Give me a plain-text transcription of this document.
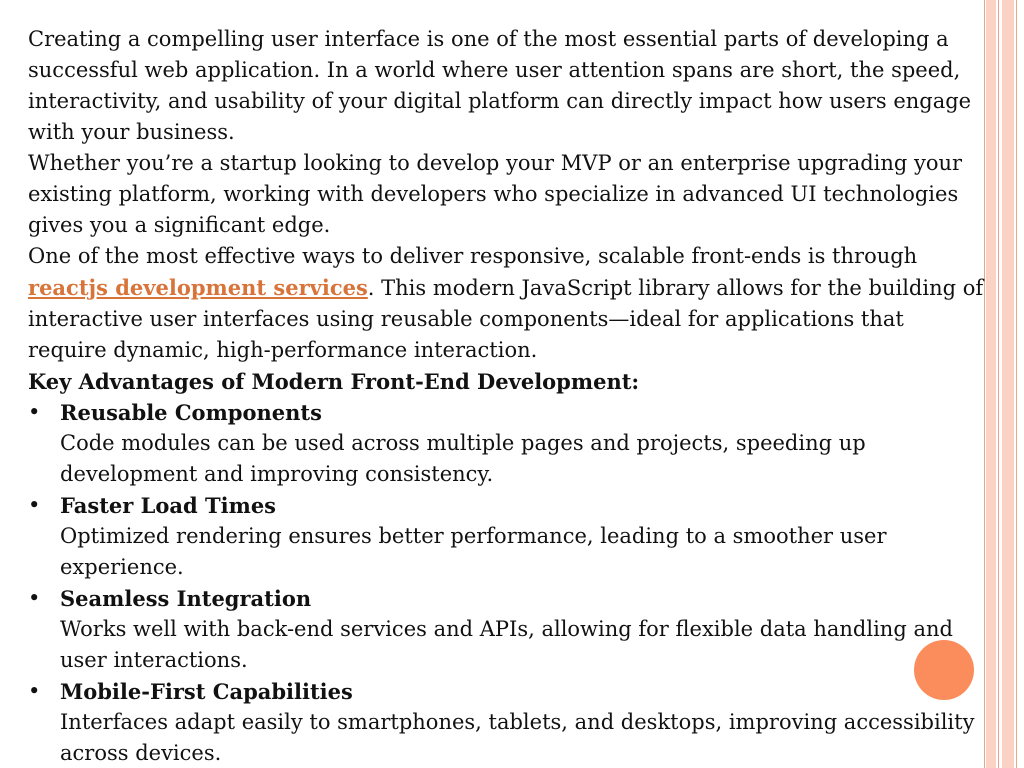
Creating a compelling user interface is one of the most essential parts of developing a successful web application. In a world where user attention spans are short, the speed, interactivity, and usability of your digital platform can directly impact how users engage with your business.

Whether you’re a startup looking to develop your MVP or an enterprise upgrading your existing platform, working with developers who specialize in advanced UI technologies gives you a significant edge.

One of the most effective ways to deliver responsive, scalable front-ends is through reactjs development services. This modern JavaScript library allows for the building of interactive user interfaces using reusable components—ideal for applications that require dynamic, high-performance interaction.

Key Advantages of Modern Front-End Development:

• Reusable Components
Code modules can be used across multiple pages and projects, speeding up development and improving consistency.
• Faster Load Times
Optimized rendering ensures better performance, leading to a smoother user experience.
• Seamless Integration
Works well with back-end services and APIs, allowing for flexible data handling and user interactions.
• Mobile-First Capabilities
Interfaces adapt easily to smartphones, tablets, and desktops, improving accessibility across devices.
